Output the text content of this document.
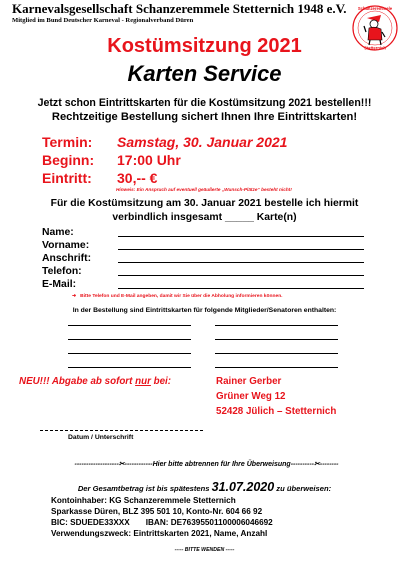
Karnevalsgesellschaft Schanzeremmele Stetternich 1948 e.V.
Mitglied im Bund Deutscher Karneval - Regionalverband Düren
Schanzeremmele
Stetternich
Kostümsitzung 2021
Karten Service
Jetzt schon Eintrittskarten für die Kostümsitzung 2021 bestellen!!!
Rechtzeitige Bestellung sichert Ihnen Ihre Eintrittskarten!
Termin: Samstag, 30. Januar 2021
Beginn: 17:00 Uhr
Eintritt: 30,-- €
Hinweis: Ein Anspruch auf eventuell geäußerte „Wunsch-Plätze“ besteht nicht!
Für die Kostümsitzung am 30. Januar 2021 bestelle ich hiermit
verbindlich insgesamt _____ Karte(n)
Name:
Vorname:
Anschrift:
Telefon:
E-Mail:
➜ Bitte Telefon und E-Mail angeben, damit wir Sie über die Abholung informieren können.
In der Bestellung sind Eintrittskarten für folgende Mitglieder/Senatoren enthalten:
NEU!!! Abgabe ab sofort nur bei:	Rainer Gerber
Grüner Weg 12
52428 Jülich – Stetternich
Datum / Unterschrift
-------------------✂------------Hier bitte abtrennen für Ihre Überweisung----------✂--------
Der Gesamtbetrag ist bis spätestens 31.07.2020 zu überweisen:
Kontoinhaber: KG Schanzeremmele Stetternich
Sparkasse Düren, BLZ 395 501 10, Konto-Nr. 604 66 92
BIC: SDUEDE33XXX IBAN: DE76395501100006046692
Verwendungszweck: Eintrittskarten 2021, Name, Anzahl
----- BITTE WENDEN -----
